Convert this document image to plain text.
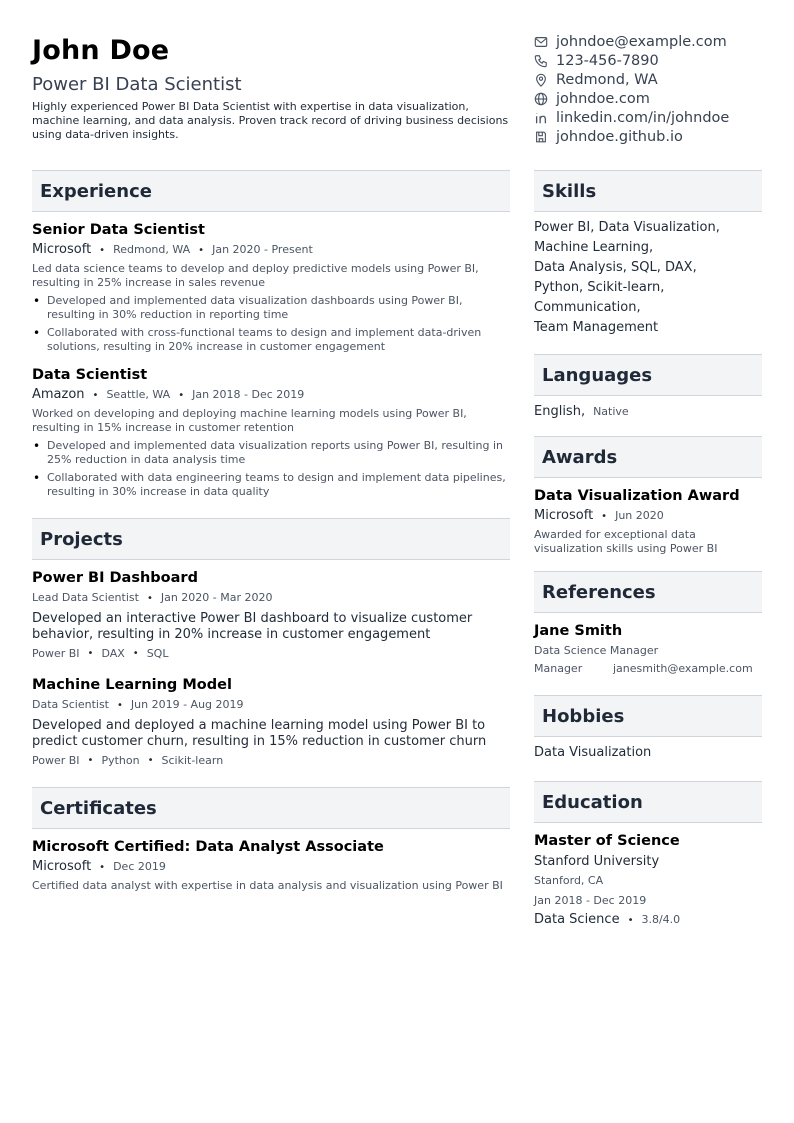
John Doe
Power BI Data Scientist
Highly experienced Power BI Data Scientist with expertise in data visualization, machine learning, and data analysis. Proven track record of driving business decisions using data-driven insights.
johndoe@example.com
123-456-7890
Redmond, WA
johndoe.com
linkedin.com/in/johndoe
johndoe.github.io
Experience
Senior Data Scientist
Microsoft • Redmond, WA • Jan 2020 - Present
Led data science teams to develop and deploy predictive models using Power BI, resulting in 25% increase in sales revenue
• Developed and implemented data visualization dashboards using Power BI, resulting in 30% reduction in reporting time
• Collaborated with cross-functional teams to design and implement data-driven solutions, resulting in 20% increase in customer engagement
Data Scientist
Amazon • Seattle, WA • Jan 2018 - Dec 2019
Worked on developing and deploying machine learning models using Power BI, resulting in 15% increase in customer retention
• Developed and implemented data visualization reports using Power BI, resulting in 25% reduction in data analysis time
• Collaborated with data engineering teams to design and implement data pipelines, resulting in 30% increase in data quality
Projects
Power BI Dashboard
Lead Data Scientist • Jan 2020 - Mar 2020
Developed an interactive Power BI dashboard to visualize customer behavior, resulting in 20% increase in customer engagement
Power BI • DAX • SQL
Machine Learning Model
Data Scientist • Jun 2019 - Aug 2019
Developed and deployed a machine learning model using Power BI to predict customer churn, resulting in 15% reduction in customer churn
Power BI • Python • Scikit-learn
Certificates
Microsoft Certified: Data Analyst Associate
Microsoft • Dec 2019
Certified data analyst with expertise in data analysis and visualization using Power BI
Skills
Power BI, Data Visualization,
Machine Learning,
Data Analysis, SQL, DAX,
Python, Scikit-learn,
Communication,
Team Management
Languages
English, Native
Awards
Data Visualization Award
Microsoft • Jun 2020
Awarded for exceptional data visualization skills using Power BI
References
Jane Smith
Data Science Manager
Manager	janesmith@example.com
Hobbies
Data Visualization
Education
Master of Science
Stanford University
Stanford, CA
Jan 2018 - Dec 2019
Data Science • 3.8/4.0
